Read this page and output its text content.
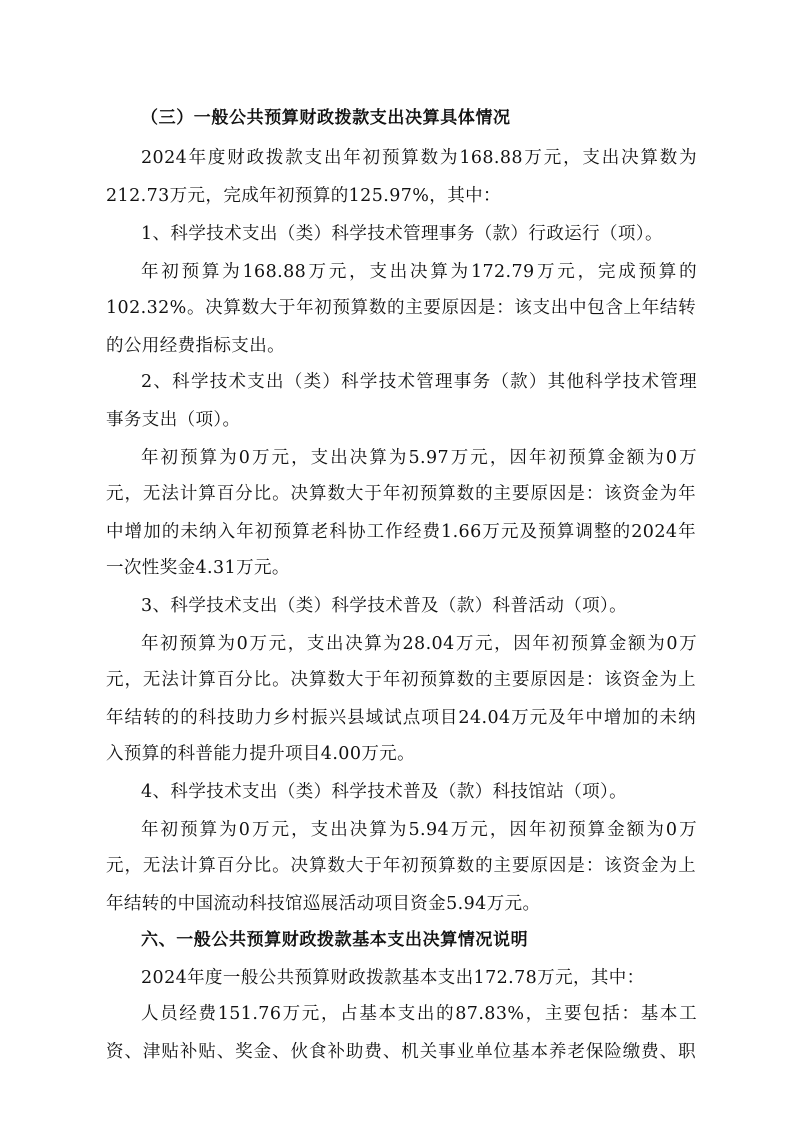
（三）一般公共预算财政拨款支出决算具体情况
2024年度财政拨款支出年初预算数为168.88万元，支出决算数为
212.73万元，完成年初预算的125.97%，其中：
1、科学技术支出（类）科学技术管理事务（款）行政运行（项）。
年初预算为168.88万元，支出决算为172.79万元，完成预算的
102.32%。决算数大于年初预算数的主要原因是：该支出中包含上年结转
的公用经费指标支出。
2、科学技术支出（类）科学技术管理事务（款）其他科学技术管理
事务支出（项）。
年初预算为0万元，支出决算为5.97万元，因年初预算金额为0万
元，无法计算百分比。决算数大于年初预算数的主要原因是：该资金为年
中增加的未纳入年初预算老科协工作经费1.66万元及预算调整的2024年
一次性奖金4.31万元。
3、科学技术支出（类）科学技术普及（款）科普活动（项）。
年初预算为0万元，支出决算为28.04万元，因年初预算金额为0万
元，无法计算百分比。决算数大于年初预算数的主要原因是：该资金为上
年结转的的科技助力乡村振兴县域试点项目24.04万元及年中增加的未纳
入预算的科普能力提升项目4.00万元。
4、科学技术支出（类）科学技术普及（款）科技馆站（项）。
年初预算为0万元，支出决算为5.94万元，因年初预算金额为0万
元，无法计算百分比。决算数大于年初预算数的主要原因是：该资金为上
年结转的中国流动科技馆巡展活动项目资金5.94万元。
六、一般公共预算财政拨款基本支出决算情况说明
2024年度一般公共预算财政拨款基本支出172.78万元，其中：
人员经费151.76万元，占基本支出的87.83%，主要包括：基本工
资、津贴补贴、奖金、伙食补助费、机关事业单位基本养老保险缴费、职
